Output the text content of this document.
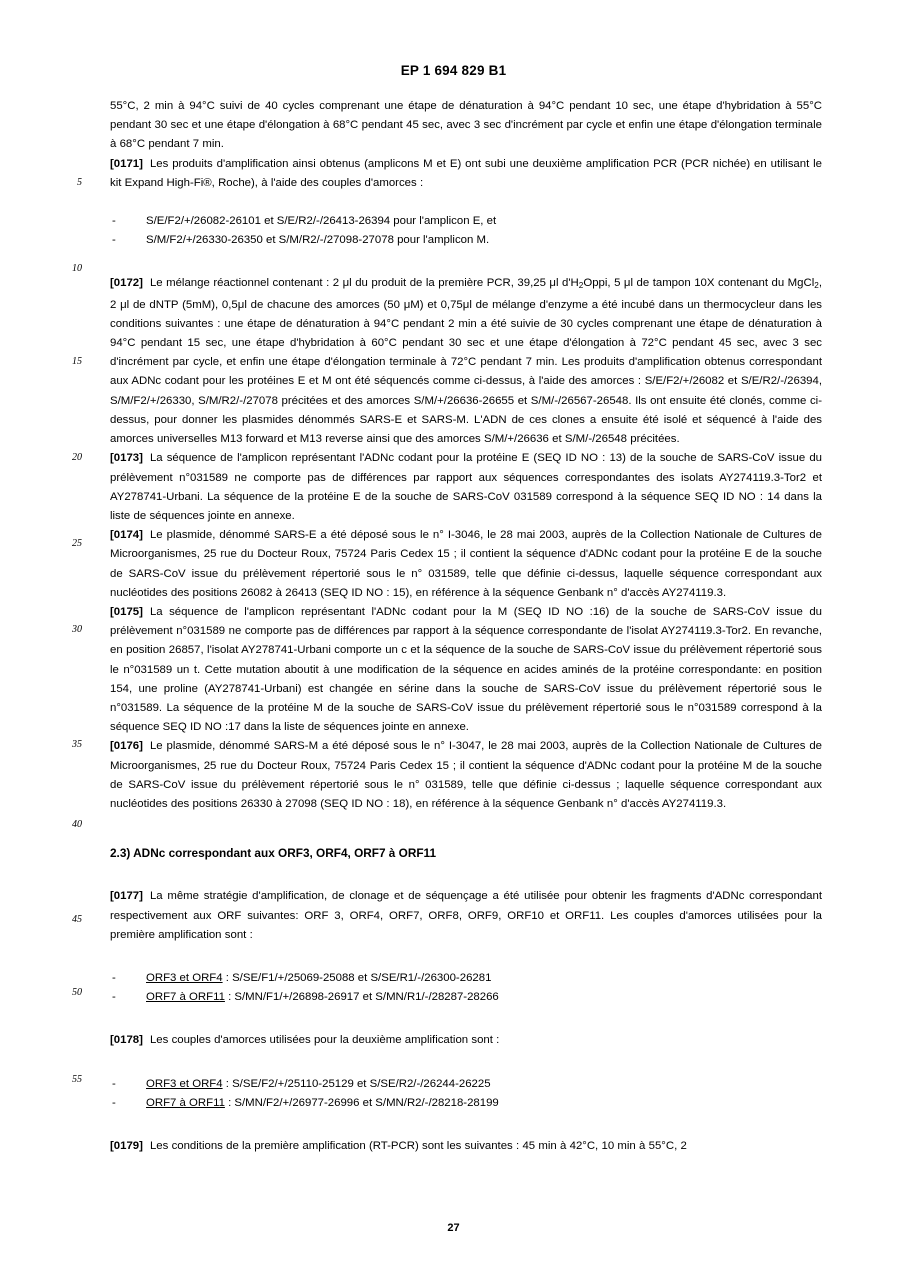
EP 1 694 829 B1
5
10
15
20
25
30
35
40
45
50
55

55°C, 2 min à 94°C suivi de 40 cycles comprenant une étape de dénaturation à 94°C pendant 10 sec, une étape d'hybridation à 55°C pendant 30 sec et une étape d'élongation à 68°C pendant 45 sec, avec 3 sec d'incrément par cycle et enfin une étape d'élongation terminale à 68°C pendant 7 min.

[0171] Les produits d'amplification ainsi obtenus (amplicons M et E) ont subi une deuxième amplification PCR (PCR nichée) en utilisant le kit Expand High-Fi®, Roche), à l'aide des couples d'amorces :

-	S/E/F2/+/26082-26101 et S/E/R2/-/26413-26394 pour l'amplicon E, et
-	S/M/F2/+/26330-26350 et S/M/R2/-/27098-27078 pour l'amplicon M.

[0172] Le mélange réactionnel contenant : 2 μl du produit de la première PCR, 39,25 μl $d'H_2Oppi$, 5 μl de tampon 10X contenant du MgCl$_2$, 2 μl de dNTP (5mM), 0,5μl de chacune des amorces (50 μM) et 0,75μl de mélange d'enzyme a été incubé dans un thermocycleur dans les conditions suivantes : une étape de dénaturation à 94°C pendant 2 min a été suivie de 30 cycles comprenant une étape de dénaturation à 94°C pendant 15 sec, une étape d'hybridation à 60°C pendant 30 sec et une étape d'élongation à 72°C pendant 45 sec, avec 3 sec d'incrément par cycle, et enfin une étape d'élongation terminale à 72°C pendant 7 min. Les produits d'amplification obtenus correspondant aux ADNc codant pour les protéines E et M ont été séquencés comme ci-dessus, à l'aide des amorces : S/E/F2/+/26082 et S/E/R2/-/26394, S/M/F2/+/26330, S/M/R2/-/27078 précitées et des amorces S/M/+/26636-26655 et S/M/-/26567-26548. Ils ont ensuite été clonés, comme ci-dessus, pour donner les plasmides dénommés SARS-E et SARS-M. L'ADN de ces clones a ensuite été isolé et séquencé à l'aide des amorces universelles M13 forward et M13 reverse ainsi que des amorces S/M/+/26636 et S/M/-/26548 précitées.

[0173] La séquence de l'amplicon représentant l'ADNc codant pour la protéine E (SEQ ID NO : 13) de la souche de SARS-CoV issue du prélèvement n°031589 ne comporte pas de différences par rapport aux séquences correspondantes des isolats AY274119.3-Tor2 et AY278741-Urbani. La séquence de la protéine E de la souche de SARS-CoV 031589 correspond à la séquence SEQ ID NO : 14 dans la liste de séquences jointe en annexe.

[0174] Le plasmide, dénommé SARS-E a été déposé sous le n° I-3046, le 28 mai 2003, auprès de la Collection Nationale de Cultures de Microorganismes, 25 rue du Docteur Roux, 75724 Paris Cedex 15 ; il contient la séquence d'ADNc codant pour la protéine E de la souche de SARS-CoV issue du prélèvement répertorié sous le n° 031589, telle que définie ci-dessus, laquelle séquence correspondant aux nucléotides des positions 26082 à 26413 (SEQ ID NO : 15), en référence à la séquence Genbank n° d'accès AY274119.3.

[0175] La séquence de l'amplicon représentant l'ADNc codant pour la M (SEQ ID NO :16) de la souche de SARS-CoV issue du prélèvement n°031589 ne comporte pas de différences par rapport à la séquence correspondante de l'isolat AY274119.3-Tor2. En revanche, en position 26857, l'isolat AY278741-Urbani comporte un c et la séquence de la souche de SARS-CoV issue du prélèvement répertorié sous le n°031589 un t. Cette mutation aboutit à une modification de la séquence en acides aminés de la protéine correspondante: en position 154, une proline (AY278741-Urbani) est changée en sérine dans la souche de SARS-CoV issue du prélèvement répertorié sous le n°031589. La séquence de la protéine M de la souche de SARS-CoV issue du prélèvement répertorié sous le n°031589 correspond à la séquence SEQ ID NO :17 dans la liste de séquences jointe en annexe.

[0176] Le plasmide, dénommé SARS-M a été déposé sous le n° I-3047, le 28 mai 2003, auprès de la Collection Nationale de Cultures de Microorganismes, 25 rue du Docteur Roux, 75724 Paris Cedex 15 ; il contient la séquence d'ADNc codant pour la protéine M de la souche de SARS-CoV issue du prélèvement répertorié sous le n° 031589, telle que définie ci-dessus ; laquelle séquence correspondant aux nucléotides des positions 26330 à 27098 (SEQ ID NO : 18), en référence à la séquence Genbank n° d'accès AY274119.3.

2.3) ADNc correspondant aux ORF3, ORF4, ORF7 à ORF11

[0177] La même stratégie d'amplification, de clonage et de séquençage a été utilisée pour obtenir les fragments d'ADNc correspondant respectivement aux ORF suivantes: ORF 3, ORF4, ORF7, ORF8, ORF9, ORF10 et ORF11. Les couples d'amorces utilisées pour la première amplification sont :

-	ORF3 et ORF4 : S/SE/F1/+/25069-25088 et S/SE/R1/-/26300-26281
-	ORF7 à ORF11 : S/MN/F1/+/26898-26917 et S/MN/R1/-/28287-28266

[0178] Les couples d'amorces utilisées pour la deuxième amplification sont :

-	ORF3 et ORF4 : S/SE/F2/+/25110-25129 et S/SE/R2/-/26244-26225
-	ORF7 à ORF11 : S/MN/F2/+/26977-26996 et S/MN/R2/-/28218-28199

[0179] Les conditions de la première amplification (RT-PCR) sont les suivantes : 45 min à 42°C, 10 min à 55°C, 2

27
